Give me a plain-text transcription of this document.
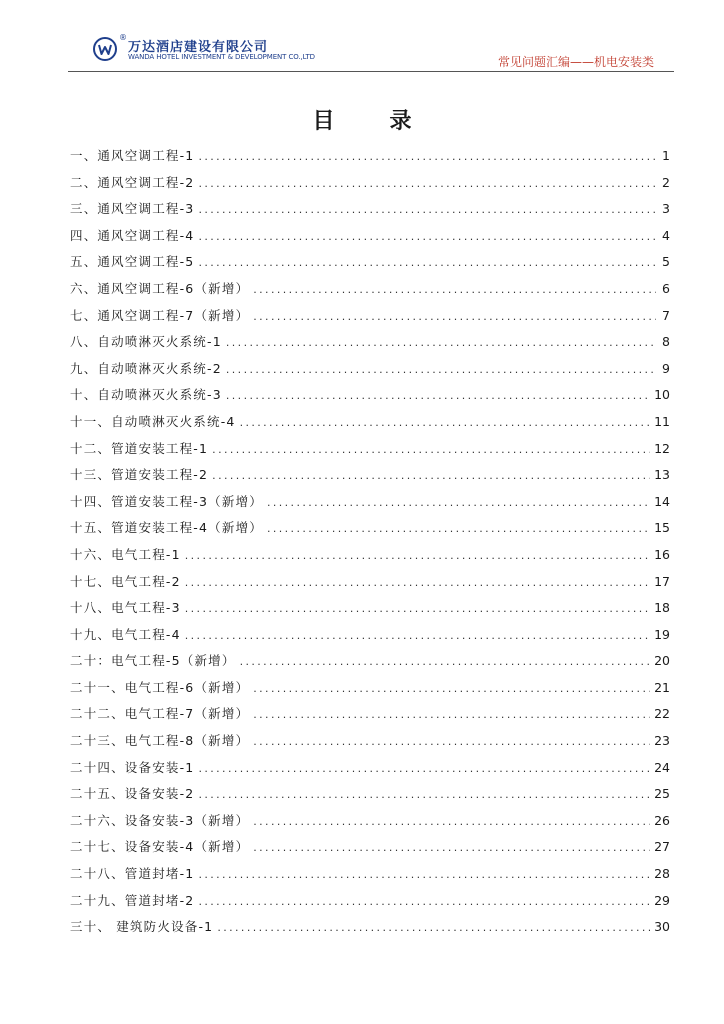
®
万达酒店建设有限公司
WANDA HOTEL INVESTMENT & DEVELOPMENT CO.,LTD	常见问题汇编——机电安装类
目录
一、通风空调工程-1 .....	1
二、通风空调工程-2 .....	2
三、通风空调工程-3 .....	3
四、通风空调工程-4 .....	4
五、通风空调工程-5 .....	5
六、通风空调工程-6（新增） .....	6
七、通风空调工程-7（新增） .....	7
八、自动喷淋灭火系统-1 .....	8
九、自动喷淋灭火系统-2 .....	9
十、自动喷淋灭火系统-3 .....	10
十一、自动喷淋灭火系统-4 .....	11
十二、管道安装工程-1 .....	12
十三、管道安装工程-2 .....	13
十四、管道安装工程-3（新增） .....	14
十五、管道安装工程-4（新增） .....	15
十六、电气工程-1 .....	16
十七、电气工程-2 .....	17
十八、电气工程-3 .....	18
十九、电气工程-4 .....	19
二十：电气工程-5（新增） .....	20
二十一、电气工程-6（新增） .....	21
二十二、电气工程-7（新增） .....	22
二十三、电气工程-8（新增） .....	23
二十四、设备安装-1 .....	24
二十五、设备安装-2 .....	25
二十六、设备安装-3（新增） .....	26
二十七、设备安装-4（新增） .....	27
二十八、管道封堵-1 .....	28
二十九、管道封堵-2 .....	29
三十、 建筑防火设备-1 .....	30
